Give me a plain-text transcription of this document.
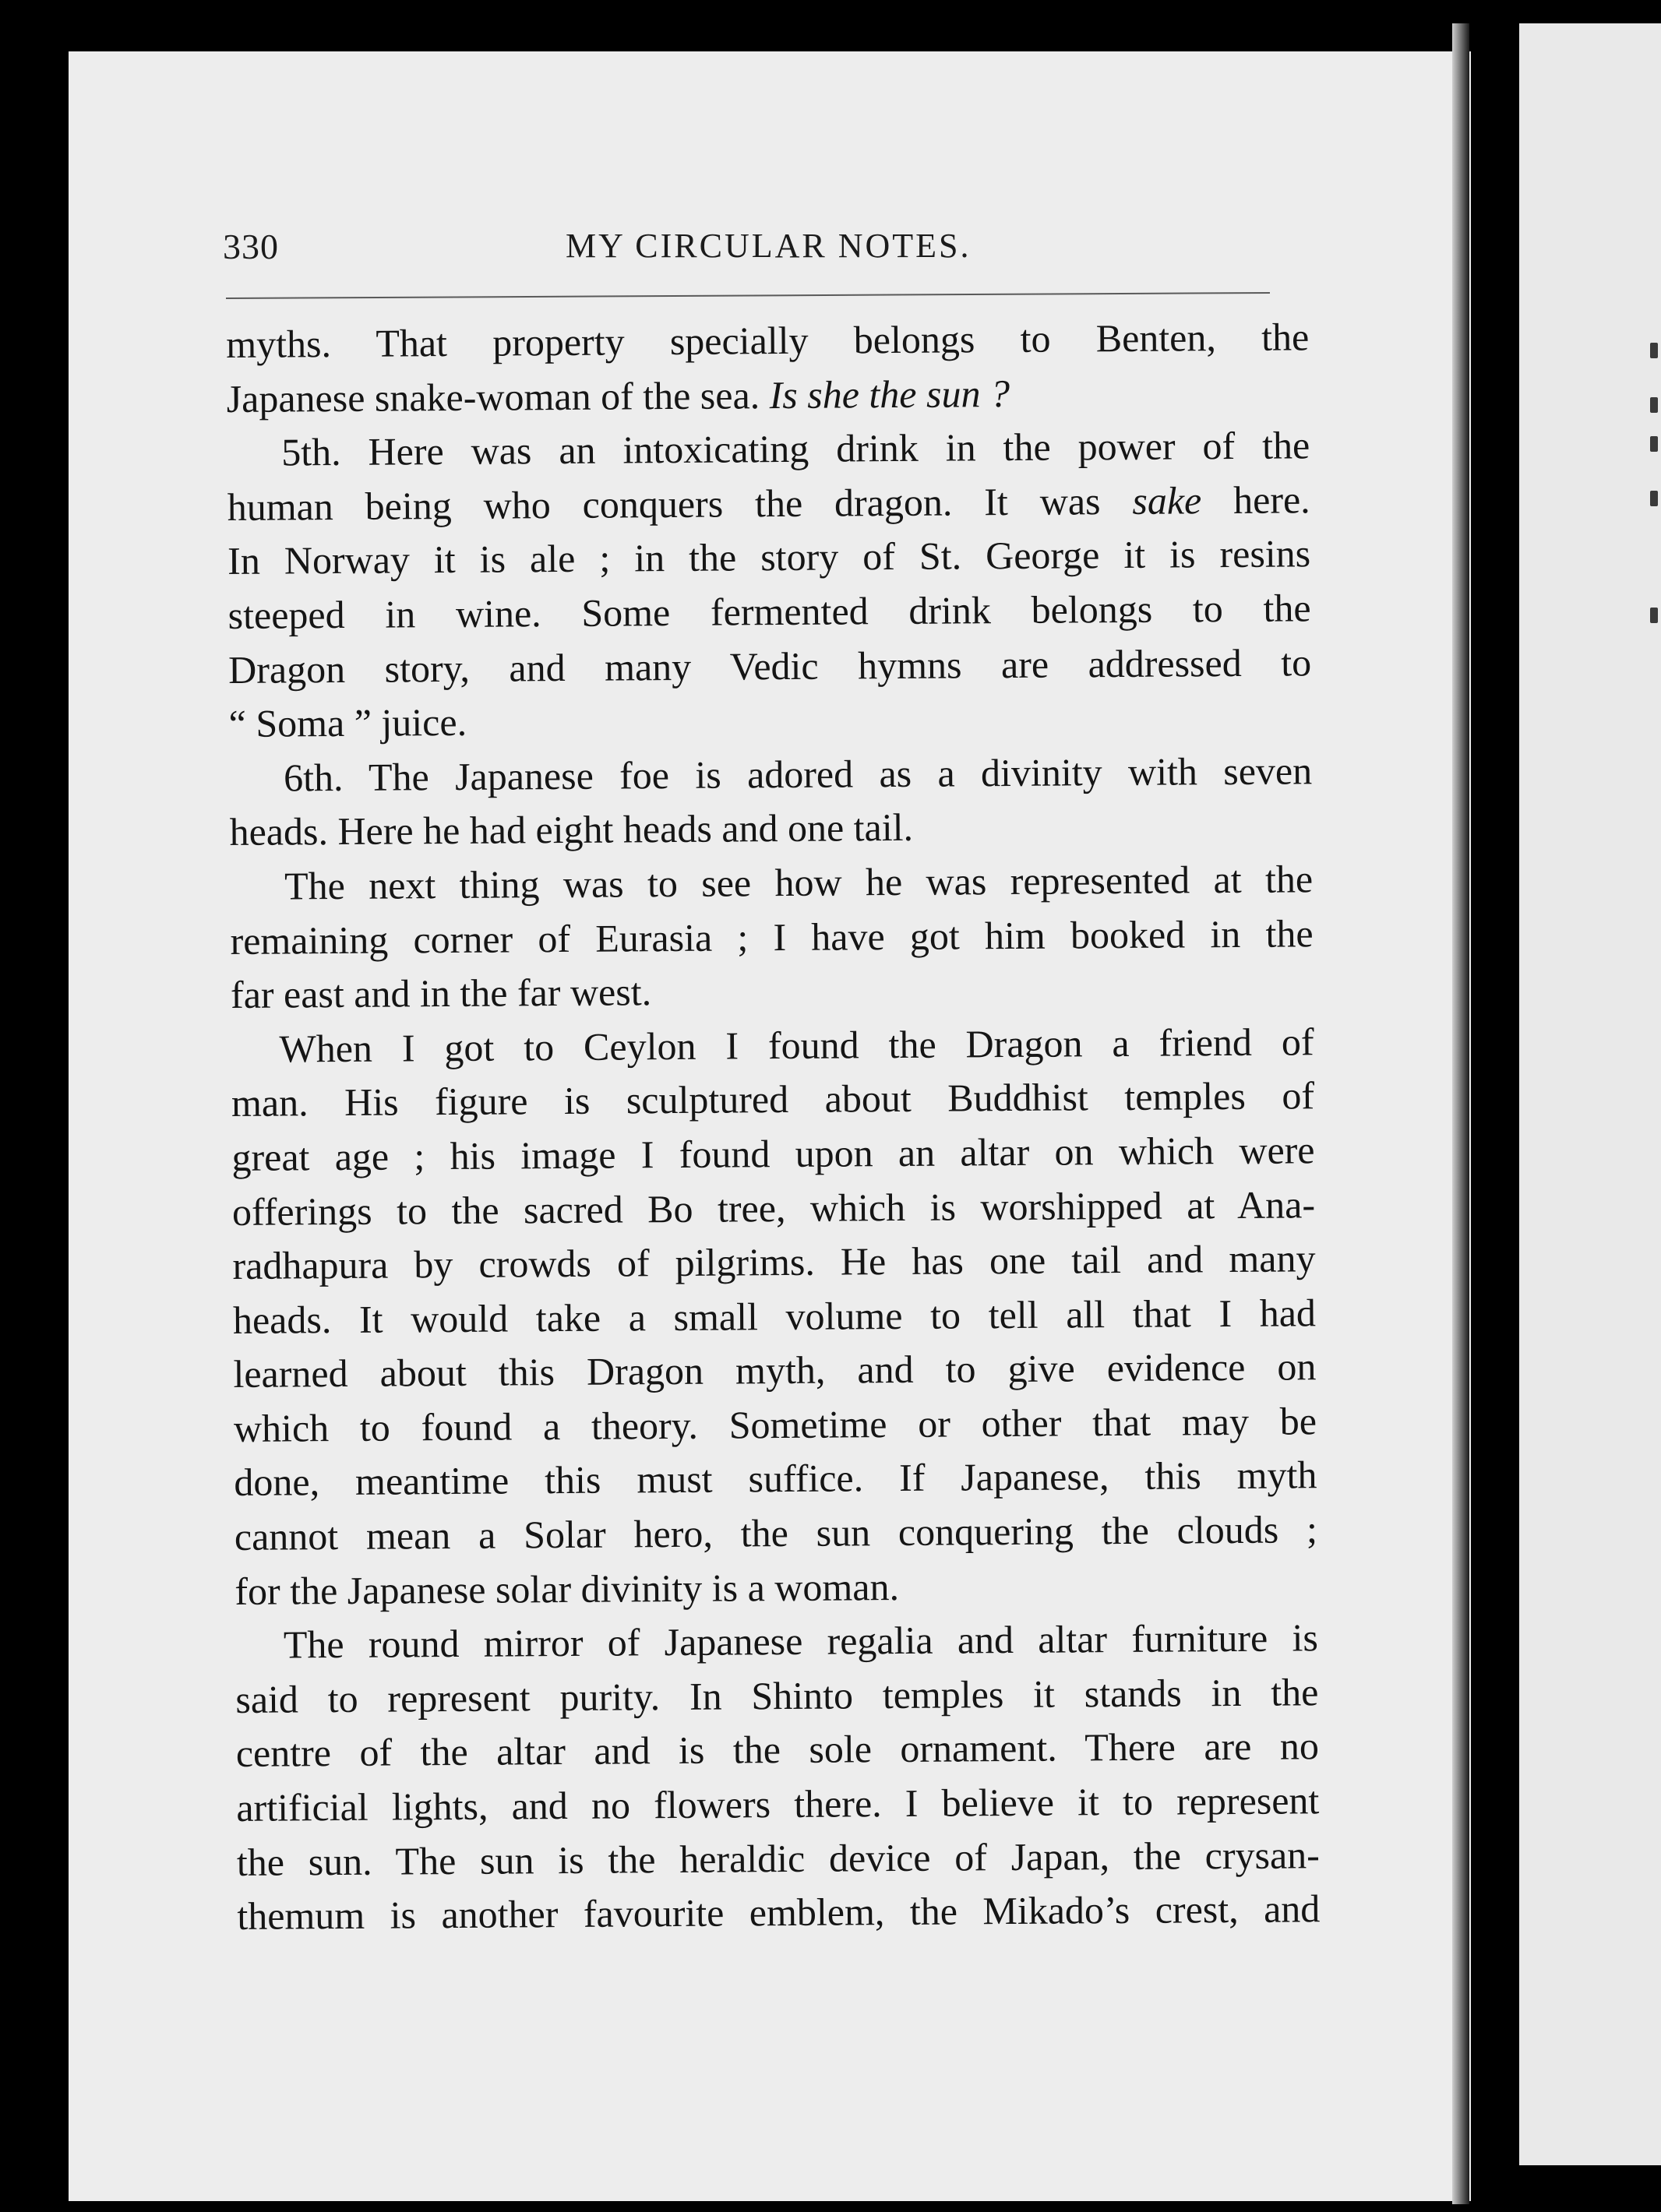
330	MY CIRCULAR NOTES.
myths. That property specially belongs to Benten, the
Japanese snake-woman of the sea. Is she the sun ?
5th. Here was an intoxicating drink in the power of the
human being who conquers the dragon. It was sake here.
In Norway it is ale ; in the story of St. George it is resins
steeped in wine. Some fermented drink belongs to the
Dragon story, and many Vedic hymns are addressed to
“ Soma ” juice.
6th. The Japanese foe is adored as a divinity with seven
heads. Here he had eight heads and one tail.
The next thing was to see how he was represented at the
remaining corner of Eurasia ; I have got him booked in the
far east and in the far west.
When I got to Ceylon I found the Dragon a friend of
man. His figure is sculptured about Buddhist temples of
great age ; his image I found upon an altar on which were
offerings to the sacred Bo tree, which is worshipped at Ana-
radhapura by crowds of pilgrims. He has one tail and many
heads. It would take a small volume to tell all that I had
learned about this Dragon myth, and to give evidence on
which to found a theory. Sometime or other that may be
done, meantime this must suffice. If Japanese, this myth
cannot mean a Solar hero, the sun conquering the clouds ;
for the Japanese solar divinity is a woman.
The round mirror of Japanese regalia and altar furniture is
said to represent purity. In Shinto temples it stands in the
centre of the altar and is the sole ornament. There are no
artificial lights, and no flowers there. I believe it to represent
the sun. The sun is the heraldic device of Japan, the crysan-
themum is another favourite emblem, the Mikado’s crest, and
